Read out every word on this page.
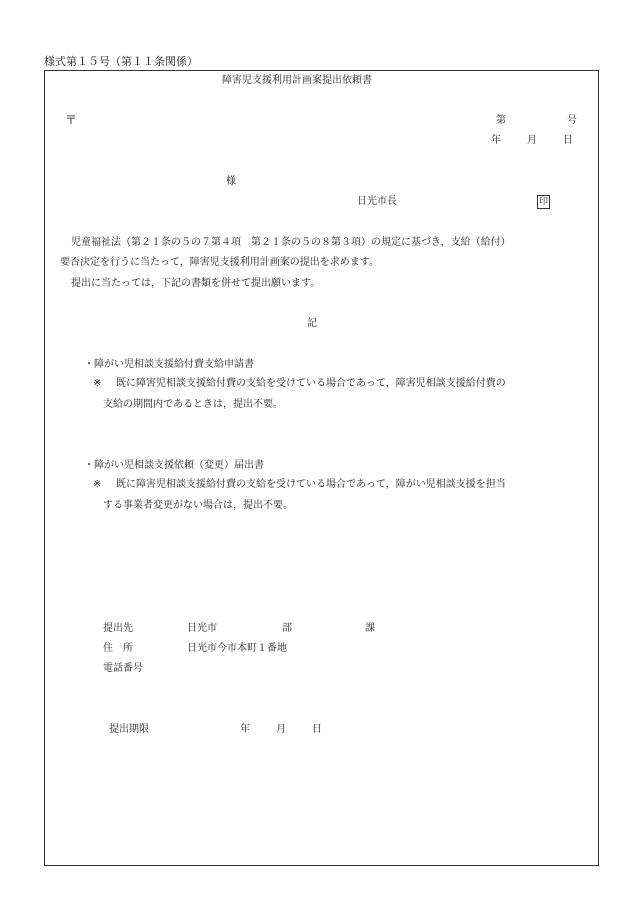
様式第１５号（第１１条関係）
障害児支援利用計画案提出依頼書
〒	第	号
年	月	日
様
日光市長	印
児童福祉法（第２１条の５の７第４項　第２１条の５の８第３項）の規定に基づき，支給（給付）
要否決定を行うに当たって，障害児支援利用計画案の提出を求めます。
提出に当たっては，下記の書類を併せて提出願います。
記
・障がい児相談支援給付費支給申請書
※ 既に障害児相談支援給付費の支給を受けている場合であって，障害児相談支援給付費の
支給の期間内であるときは，提出不要。
・障がい児相談支援依頼（変更）届出書
※ 既に障害児相談支援給付費の支給を受けている場合であって，障がい児相談支援を担当
する事業者変更がない場合は，提出不要。
提出先	日光市	部	課
住　所	日光市今市本町１番地
電話番号
提出期限	年	月	日
